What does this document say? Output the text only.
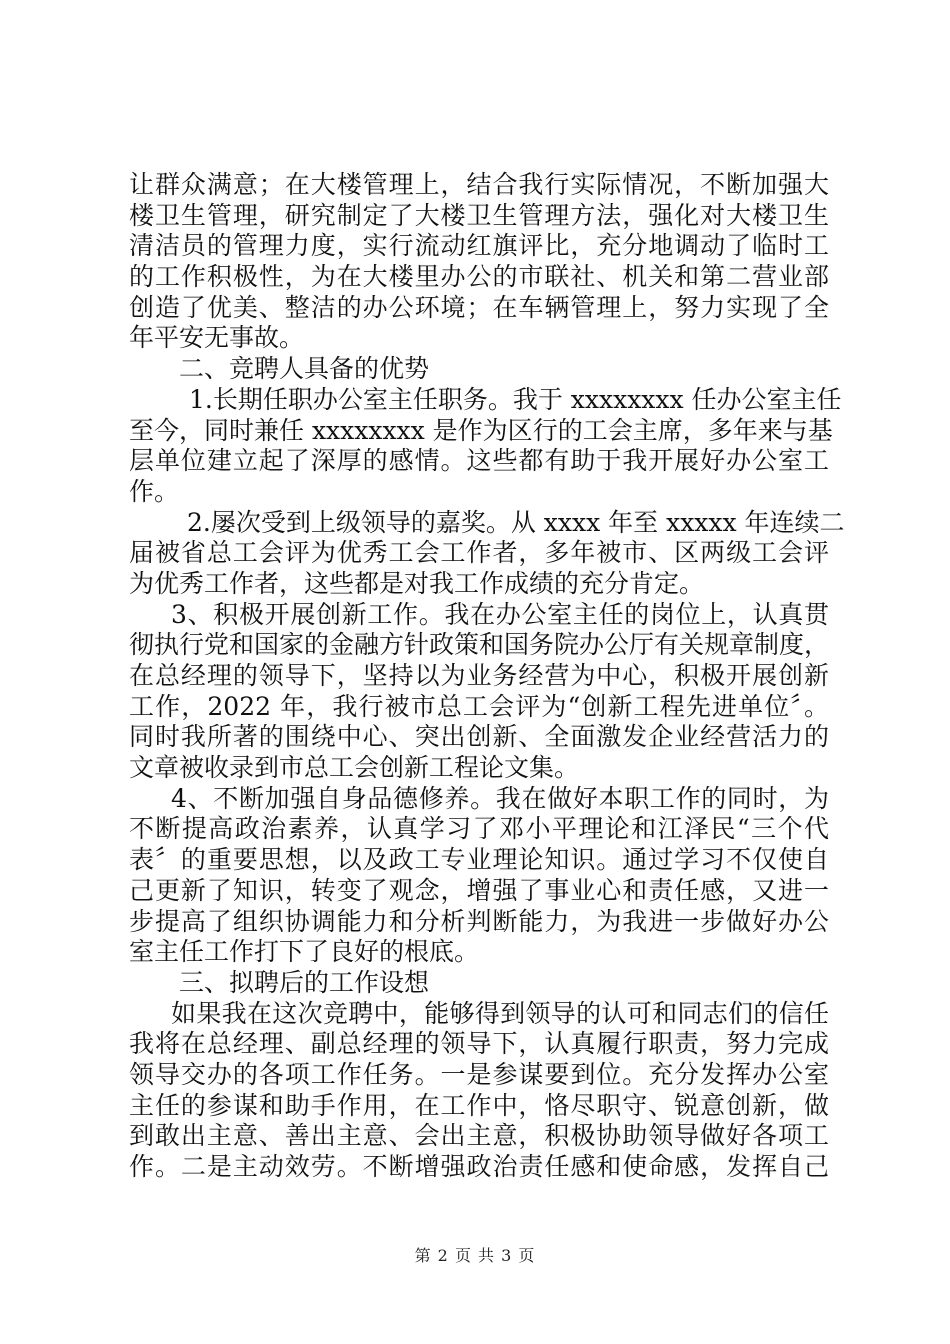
让群众满意；在大楼管理上，结合我行实际情况，不断加强大
楼卫生管理，研究制定了大楼卫生管理方法，强化对大楼卫生
清洁员的管理力度，实行流动红旗评比，充分地调动了临时工
的工作积极性，为在大楼里办公的市联社、机关和第二营业部
创造了优美、整洁的办公环境；在车辆管理上，努力实现了全
年平安无事故。
二、竞聘人具备的优势
1.长期任职办公室主任职务。我于 xxxxxxxx 任办公室主任
至今，同时兼任 xxxxxxxx 是作为区行的工会主席，多年来与基
层单位建立起了深厚的感情。这些都有助于我开展好办公室工
作。
2.屡次受到上级领导的嘉奖。从 xxxx 年至 xxxxx 年连续二
届被省总工会评为优秀工会工作者，多年被市、区两级工会评
为优秀工作者，这些都是对我工作成绩的充分肯定。
3、积极开展创新工作。我在办公室主任的岗位上，认真贯
彻执行党和国家的金融方针政策和国务院办公厅有关规章制度，
在总经理的领导下，坚持以为业务经营为中心，积极开展创新
工作，2022 年，我行被市总工会评为“创新工程先进单位〞。
同时我所著的围绕中心、突出创新、全面激发企业经营活力的
文章被收录到市总工会创新工程论文集。
4、不断加强自身品德修养。我在做好本职工作的同时，为
不断提高政治素养，认真学习了邓小平理论和江泽民“三个代
表〞的重要思想，以及政工专业理论知识。通过学习不仅使自
己更新了知识，转变了观念，增强了事业心和责任感，又进一
步提高了组织协调能力和分析判断能力，为我进一步做好办公
室主任工作打下了良好的根底。
三、拟聘后的工作设想
如果我在这次竞聘中，能够得到领导的认可和同志们的信任
我将在总经理、副总经理的领导下，认真履行职责，努力完成
领导交办的各项工作任务。一是参谋要到位。充分发挥办公室
主任的参谋和助手作用，在工作中，恪尽职守、锐意创新，做
到敢出主意、善出主意、会出主意，积极协助领导做好各项工
作。二是主动效劳。不断增强政治责任感和使命感，发挥自己
第 2 页 共 3 页
